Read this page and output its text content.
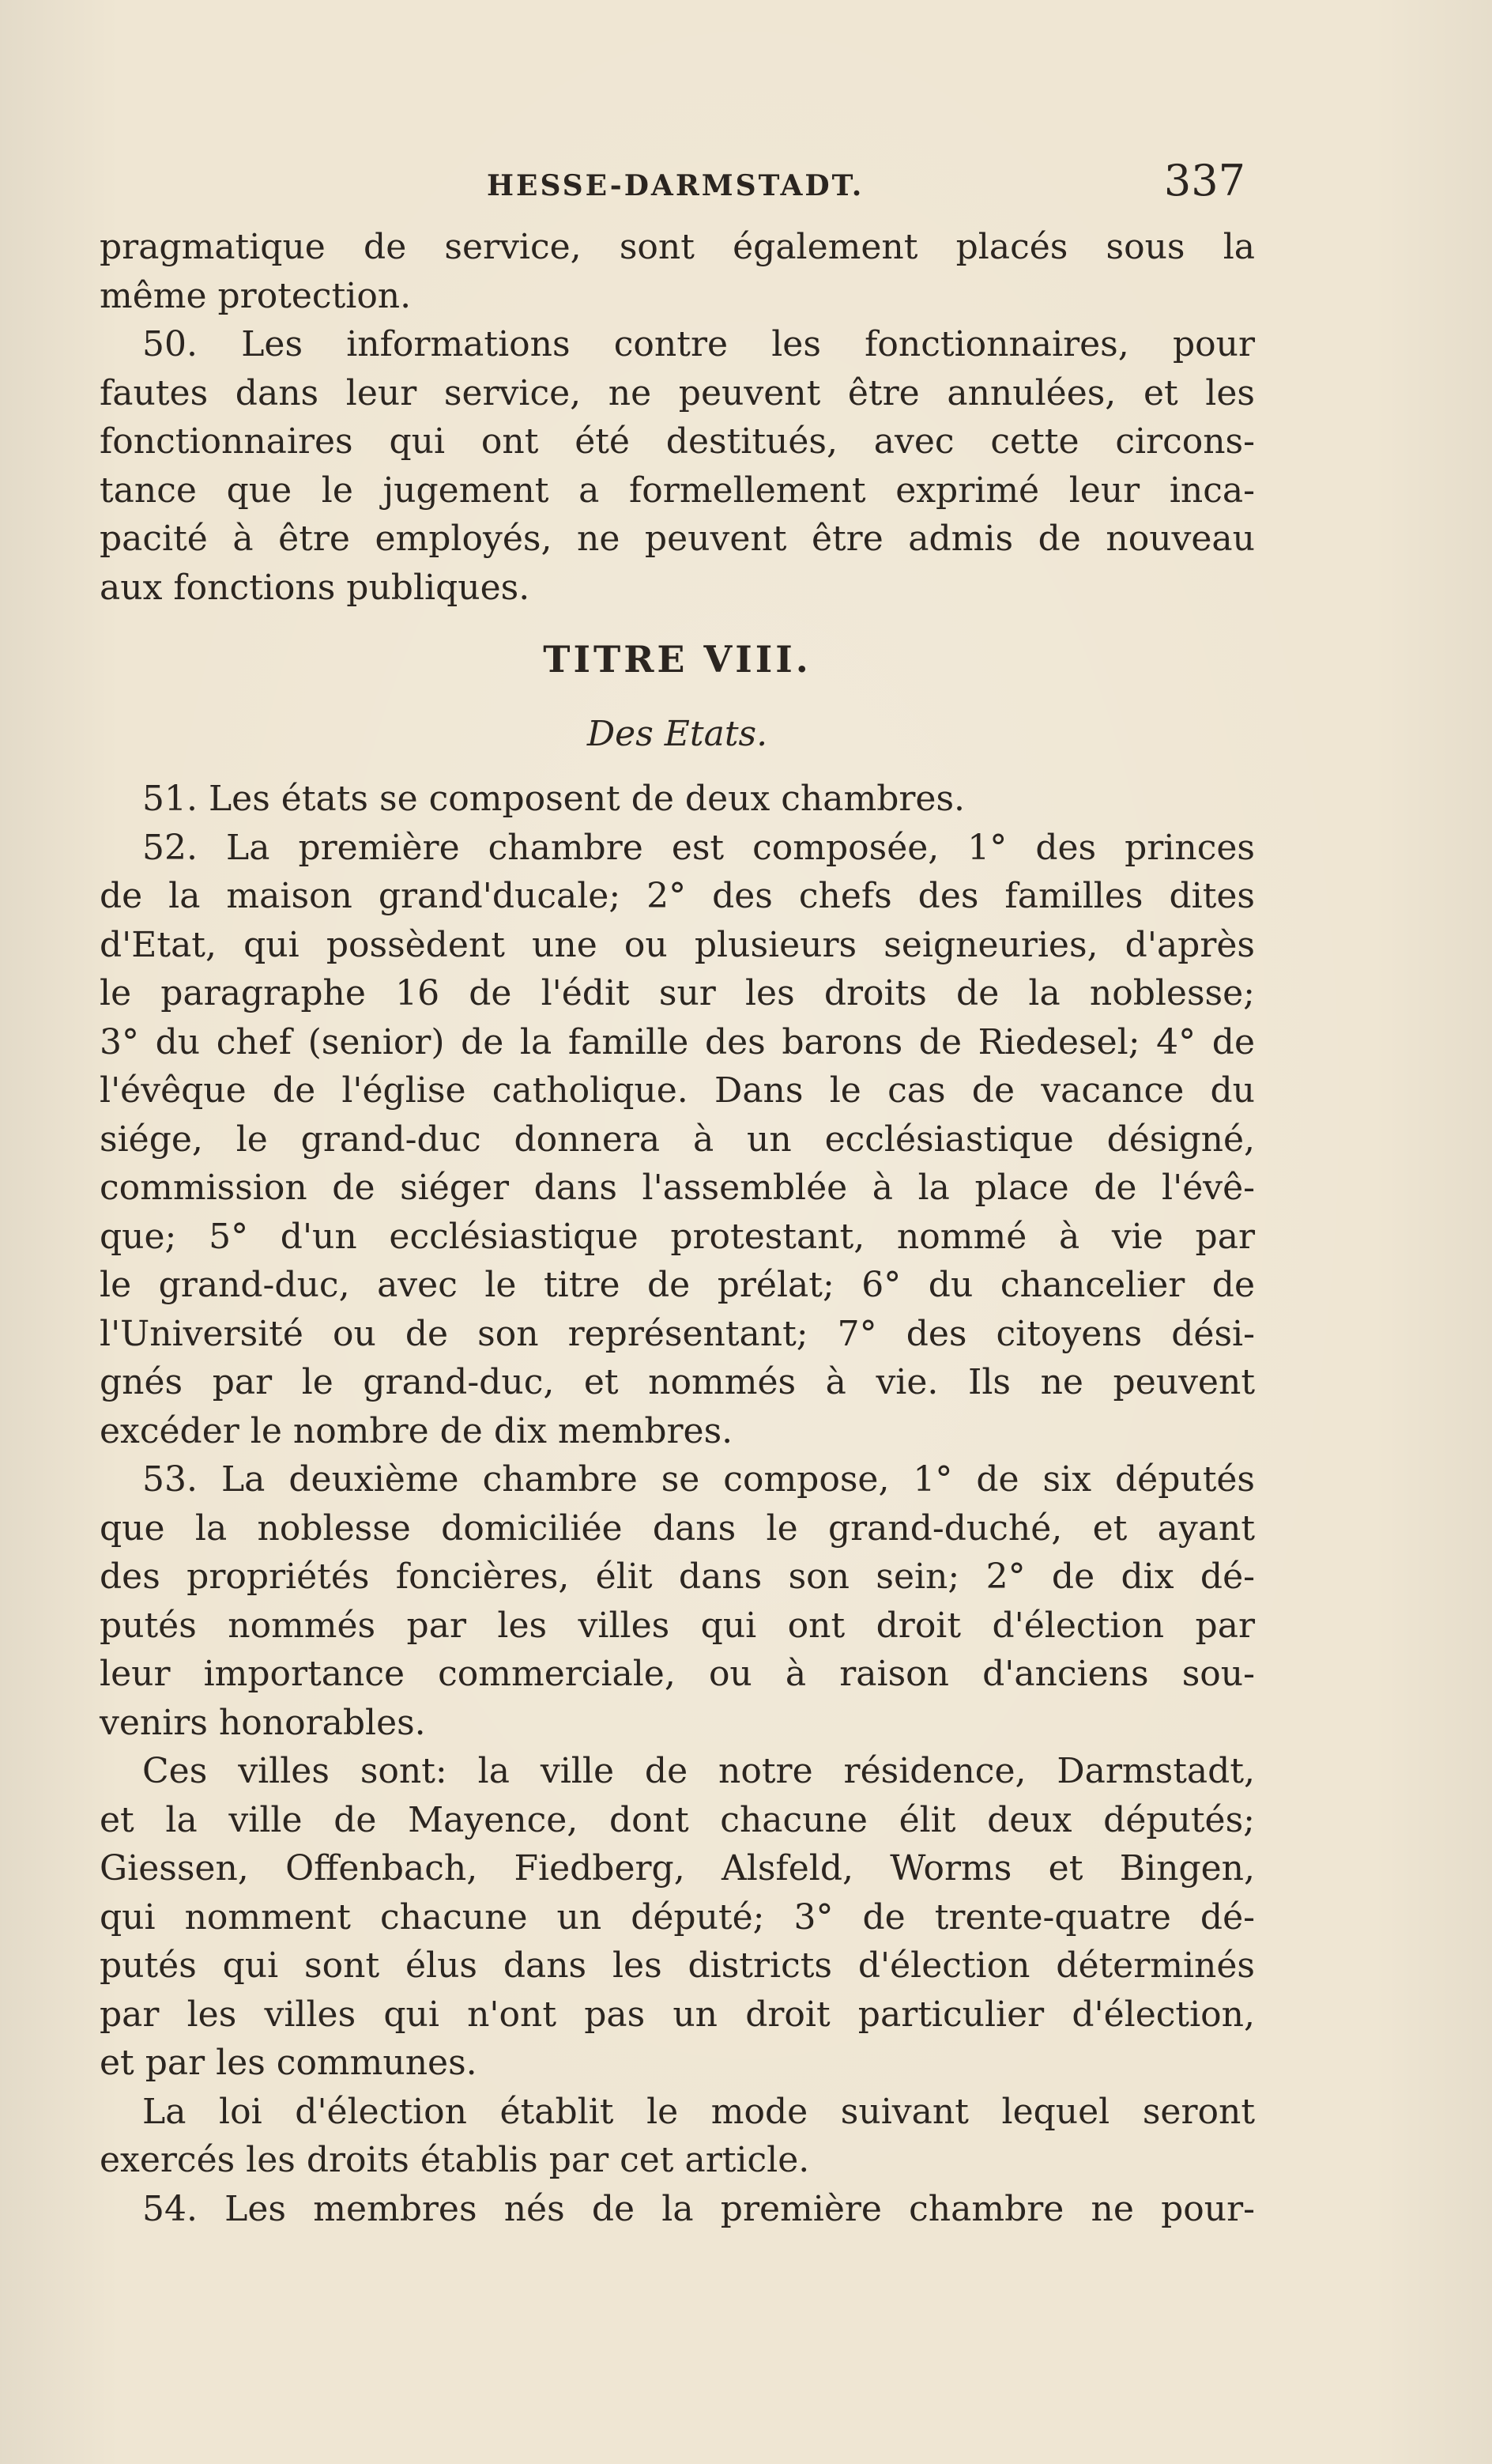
HESSE-DARMSTADT.	337
pragmatique de service, sont également placés sous la
même protection.
50. Les informations contre les fonctionnaires, pour
fautes dans leur service, ne peuvent être annulées, et les
fonctionnaires qui ont été destitués, avec cette circons-
tance que le jugement a formellement exprimé leur inca-
pacité à être employés, ne peuvent être admis de nouveau
aux fonctions publiques.
TITRE VIII.
Des Etats.
51. Les états se composent de deux chambres.
52. La première chambre est composée, 1° des princes
de la maison grand'ducale; 2° des chefs des familles dites
d'Etat, qui possèdent une ou plusieurs seigneuries, d'après
le paragraphe 16 de l'édit sur les droits de la noblesse;
3° du chef (senior) de la famille des barons de Riedesel; 4° de
l'évêque de l'église catholique. Dans le cas de vacance du
siége, le grand-duc donnera à un ecclésiastique désigné,
commission de siéger dans l'assemblée à la place de l'évê-
que; 5° d'un ecclésiastique protestant, nommé à vie par
le grand-duc, avec le titre de prélat; 6° du chancelier de
l'Université ou de son représentant; 7° des citoyens dési-
gnés par le grand-duc, et nommés à vie. Ils ne peuvent
excéder le nombre de dix membres.
53. La deuxième chambre se compose, 1° de six députés
que la noblesse domiciliée dans le grand-duché, et ayant
des propriétés foncières, élit dans son sein; 2° de dix dé-
putés nommés par les villes qui ont droit d'élection par
leur importance commerciale, ou à raison d'anciens sou-
venirs honorables.
Ces villes sont: la ville de notre résidence, Darmstadt,
et la ville de Mayence, dont chacune élit deux députés;
Giessen, Offenbach, Fiedberg, Alsfeld, Worms et Bingen,
qui nomment chacune un député; 3° de trente-quatre dé-
putés qui sont élus dans les districts d'élection déterminés
par les villes qui n'ont pas un droit particulier d'élection,
et par les communes.
La loi d'élection établit le mode suivant lequel seront
exercés les droits établis par cet article.
54. Les membres nés de la première chambre ne pour-
